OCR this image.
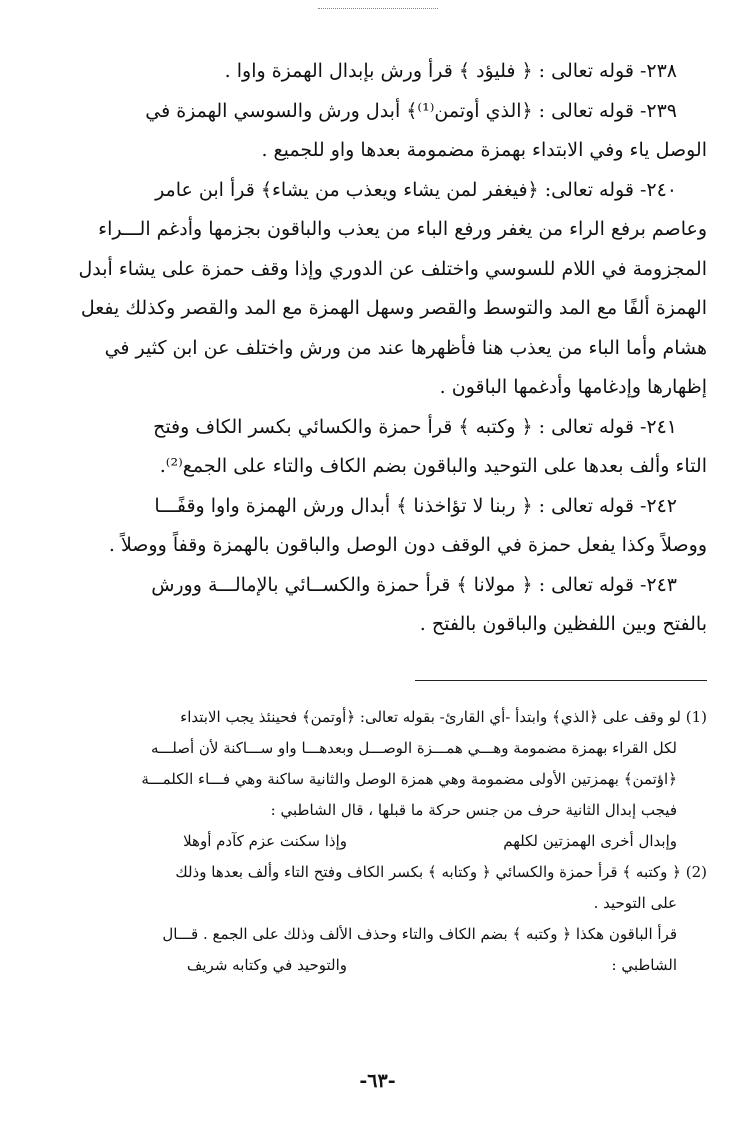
٢٣٨- قوله تعالى : ﴿ فليؤد ﴾ قرأ ورش بإبدال الهمزة واوا .
٢٣٩- قوله تعالى : ﴿الذي أوتمن⁽¹⁾﴾ أبدل ورش والسوسي الهمزة في
الوصل ياء وفي الابتداء بهمزة مضمومة بعدها واو للجميع .
٢٤٠- قوله تعالى: ﴿فيغفر لمن يشاء ويعذب من يشاء﴾ قرأ ابن عامر
وعاصم برفع الراء من يغفر ورفع الباء من يعذب والباقون بجزمها وأدغم الـــراء
المجزومة في اللام للسوسي واختلف عن الدوري وإذا وقف حمزة على يشاء أبدل
الهمزة ألفًا مع المد والتوسط والقصر وسهل الهمزة مع المد والقصر وكذلك يفعل
هشام وأما الباء من يعذب هنا فأظهرها عند من ورش واختلف عن ابن كثير في
إظهارها وإدغامها وأدغمها الباقون .
٢٤١- قوله تعالى : ﴿ وكتبه ﴾ قرأ حمزة والكسائي بكسر الكاف وفتح
التاء وألف بعدها على التوحيد والباقون بضم الكاف والتاء على الجمع⁽²⁾.
٢٤٢- قوله تعالى : ﴿ ربنا لا تؤاخذنا ﴾ أبدال ورش الهمزة واوا وقفًـــا
ووصلاً وكذا يفعل حمزة في الوقف دون الوصل والباقون بالهمزة وقفاً ووصلاً .
٢٤٣- قوله تعالى : ﴿ مولانا ﴾ قرأ حمزة والكســائي بالإمالـــة وورش
بالفتح وبين اللفظين والباقون بالفتح .
(1) لو وقف على ﴿الذي﴾ وابتدأ -أي القارئ- بقوله تعالى: ﴿أوتمن﴾ فحينئذ يجب الابتداء
لكل القراء بهمزة مضمومة وهـــي همـــزة الوصـــل وبعدهـــا واو ســـاكنة لأن أصلـــه
﴿اؤتمن﴾ بهمزتين الأولى مضمومة وهي همزة الوصل والثانية ساكنة وهي فـــاء الكلمـــة
فيجب إبدال الثانية حرف من جنس حركة ما قبلها ، قال الشاطبي :
وإبدال أخرى الهمزتين لكلهم
وإذا سكنت عزم كآدم أوهلا
(2) ﴿ وكتبه ﴾ قرأ حمزة والكسائي ﴿ وكتابه ﴾ بكسر الكاف وفتح التاء وألف بعدها وذلك
على التوحيد .
قرأ الباقون هكذا ﴿ وكتبه ﴾ بضم الكاف والتاء وحذف الألف وذلك على الجمع . قـــال
الشاطبي :
والتوحيد في وكتابه شريف
-٦٣-
